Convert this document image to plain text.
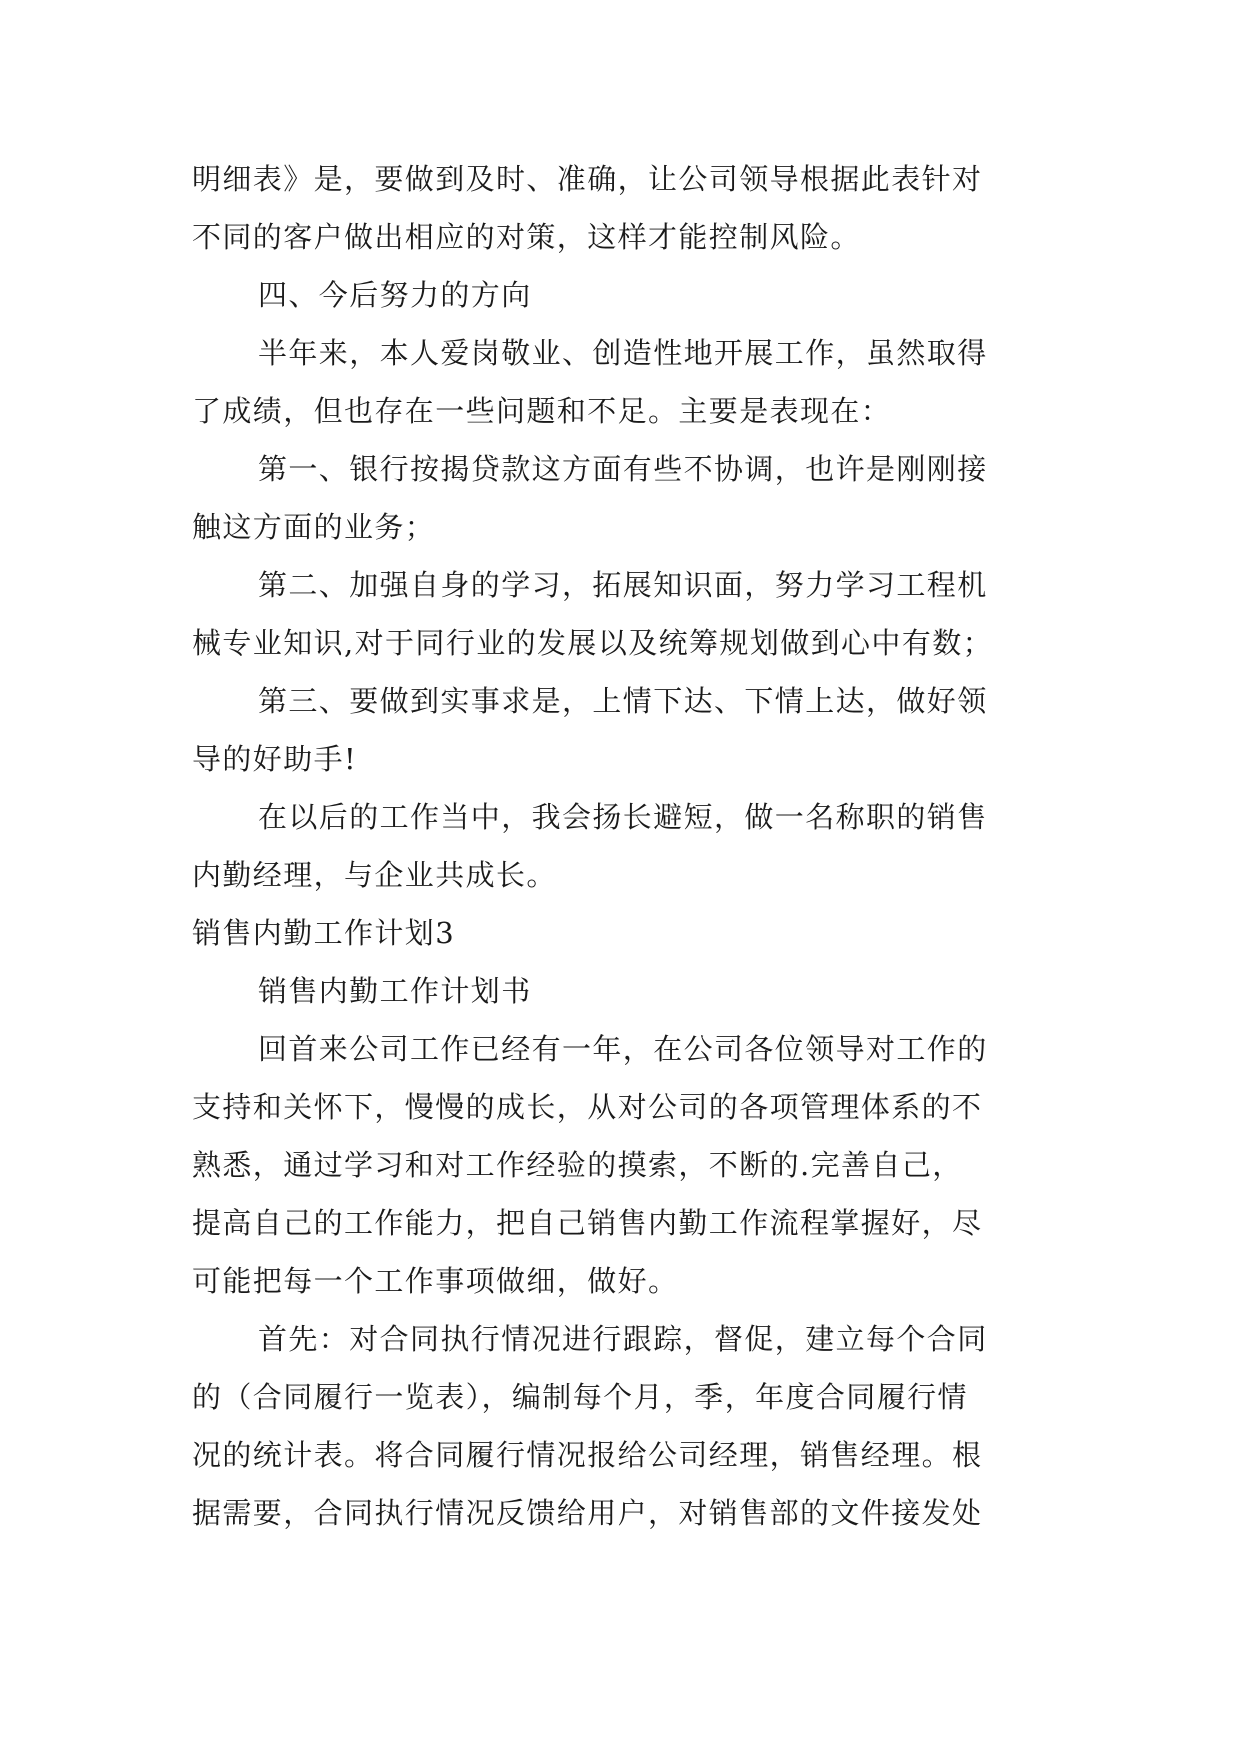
明细表》是，要做到及时、准确，让公司领导根据此表针对
不同的客户做出相应的对策，这样才能控制风险。
四、今后努力的方向
半年来，本人爱岗敬业、创造性地开展工作，虽然取得
了成绩，但也存在一些问题和不足。主要是表现在：
第一、银行按揭贷款这方面有些不协调，也许是刚刚接
触这方面的业务；
第二、加强自身的学习，拓展知识面，努力学习工程机
械专业知识,对于同行业的发展以及统筹规划做到心中有数；
第三、要做到实事求是，上情下达、下情上达，做好领
导的好助手!
在以后的工作当中，我会扬长避短，做一名称职的销售
内勤经理，与企业共成长。
销售内勤工作计划3
销售内勤工作计划书
回首来公司工作已经有一年，在公司各位领导对工作的
支持和关怀下，慢慢的成长，从对公司的各项管理体系的不
熟悉，通过学习和对工作经验的摸索，不断的.完善自己，
提高自己的工作能力，把自己销售内勤工作流程掌握好，尽
可能把每一个工作事项做细，做好。
首先：对合同执行情况进行跟踪，督促，建立每个合同
的（合同履行一览表），编制每个月，季，年度合同履行情
况的统计表。将合同履行情况报给公司经理，销售经理。根
据需要，合同执行情况反馈给用户，对销售部的文件接发处
